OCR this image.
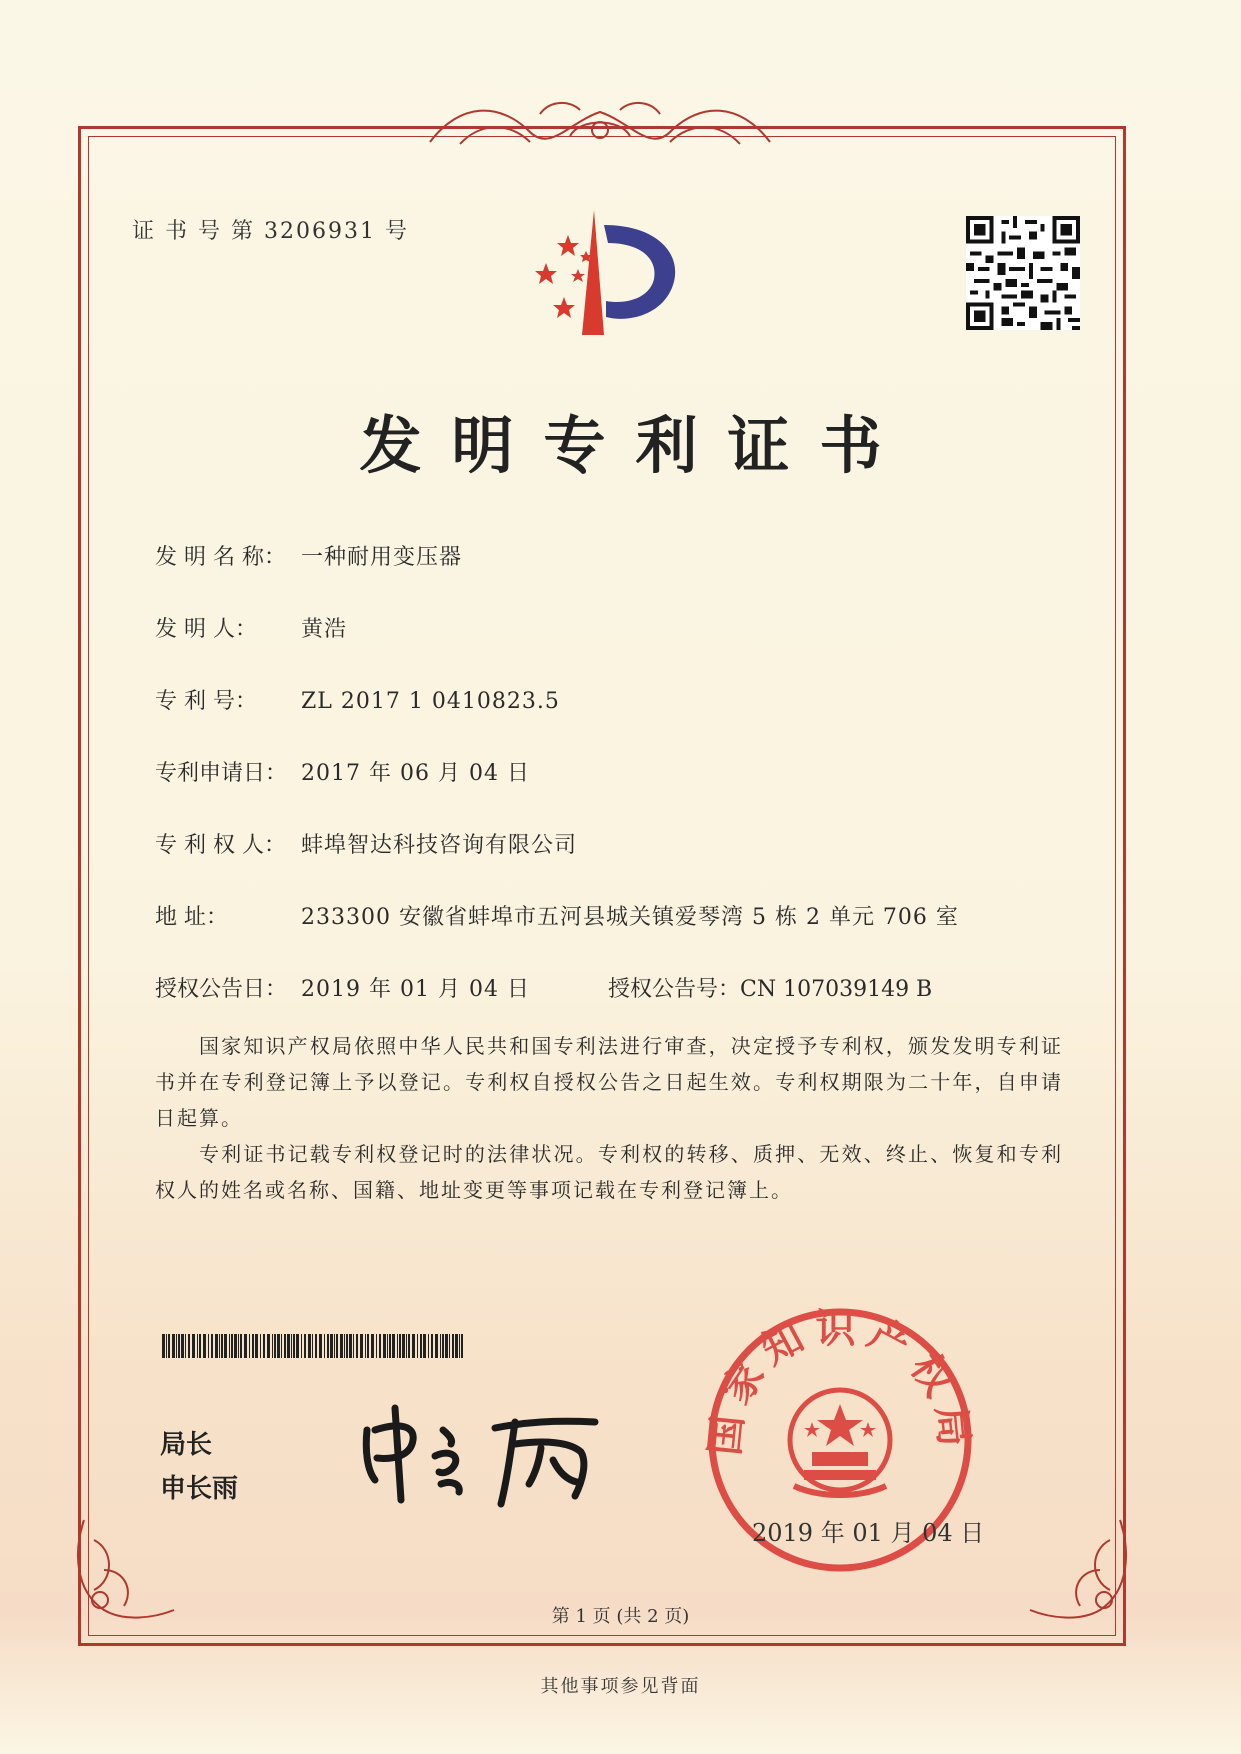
证 书 号 第 3206931 号
发明专利证书
发 明 名 称： 一种耐用变压器
发 明 人： 黄浩
专 利 号： ZL 2017 1 0410823.5
专利申请日： 2017 年 06 月 04 日
专 利 权 人： 蚌埠智达科技咨询有限公司
地 址：	233300 安徽省蚌埠市五河县城关镇爱琴湾 5 栋 2 单元 706 室
授权公告日： 2019 年 01 月 04 日	授权公告号：CN 107039149 B
国家知识产权局依照中华人民共和国专利法进行审查，决定授予专利权，颁发发明专利证书并在专利登记簿上予以登记。专利权自授权公告之日起生效。专利权期限为二十年，自申请日起算。
专利证书记载专利权登记时的法律状况。专利权的转移、质押、无效、终止、恢复和专利权人的姓名或名称、国籍、地址变更等事项记载在专利登记簿上。
局长
申长雨
国家知识产权局
2019 年 01 月 04 日
第 1 页 (共 2 页)
其他事项参见背面
